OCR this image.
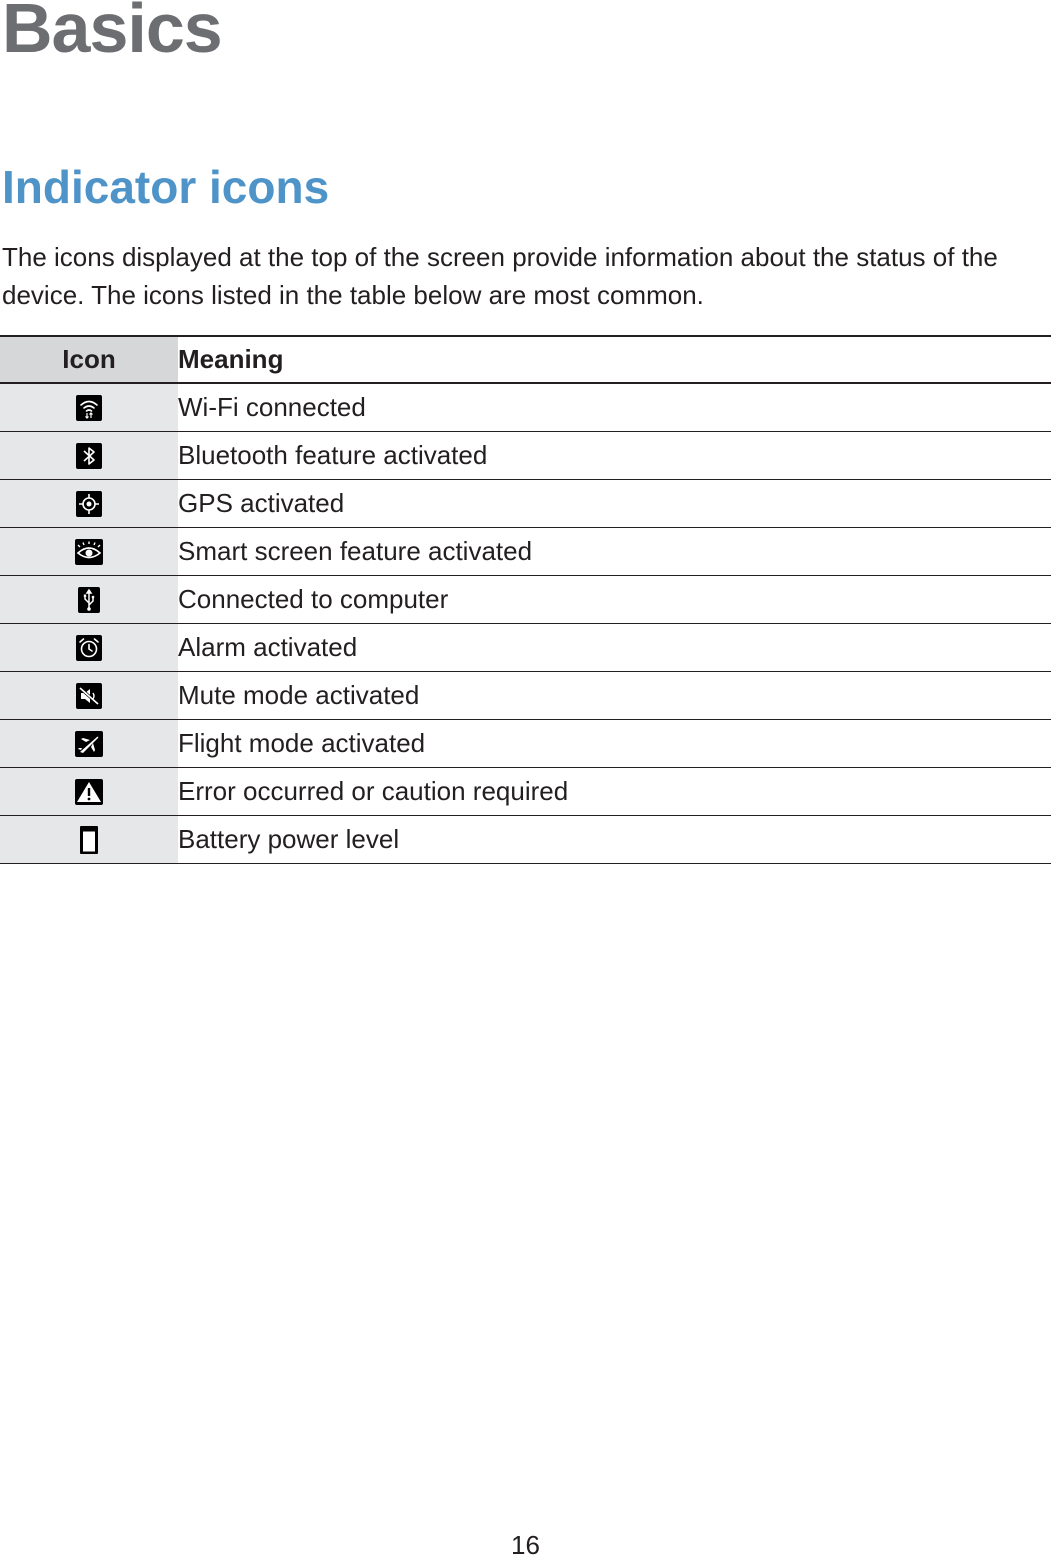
Basics
Indicator icons

The icons displayed at the top of the screen provide information about the status of the device. The icons listed in the table below are most common.

Icon	Meaning

	Wi-Fi connected

	Bluetooth feature activated

	GPS activated

	Smart screen feature activated

	Connected to computer

	Alarm activated

	Mute mode activated

	Flight mode activated

	Error occurred or caution required

	Battery power level
16
